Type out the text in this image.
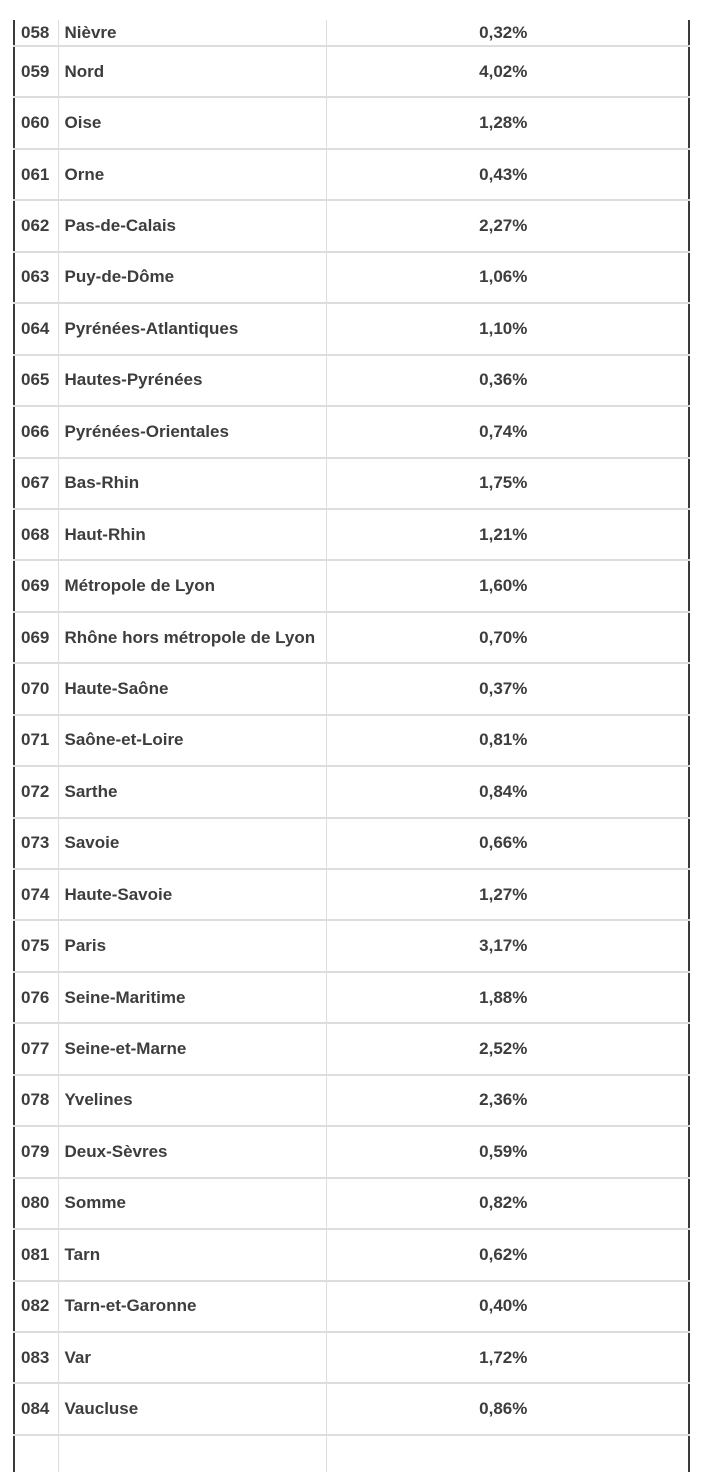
058	Nièvre	0,32%
059	Nord	4,02%
060	Oise	1,28%
061	Orne	0,43%
062	Pas-de-Calais	2,27%
063	Puy-de-Dôme	1,06%
064	Pyrénées-Atlantiques	1,10%
065	Hautes-Pyrénées	0,36%
066	Pyrénées-Orientales	0,74%
067	Bas-Rhin	1,75%
068	Haut-Rhin	1,21%
069	Métropole de Lyon	1,60%
069	Rhône hors métropole de Lyon	0,70%
070	Haute-Saône	0,37%
071	Saône-et-Loire	0,81%
072	Sarthe	0,84%
073	Savoie	0,66%
074	Haute-Savoie	1,27%
075	Paris	3,17%
076	Seine-Maritime	1,88%
077	Seine-et-Marne	2,52%
078	Yvelines	2,36%
079	Deux-Sèvres	0,59%
080	Somme	0,82%
081	Tarn	0,62%
082	Tarn-et-Garonne	0,40%
083	Var	1,72%
084	Vaucluse	0,86%
